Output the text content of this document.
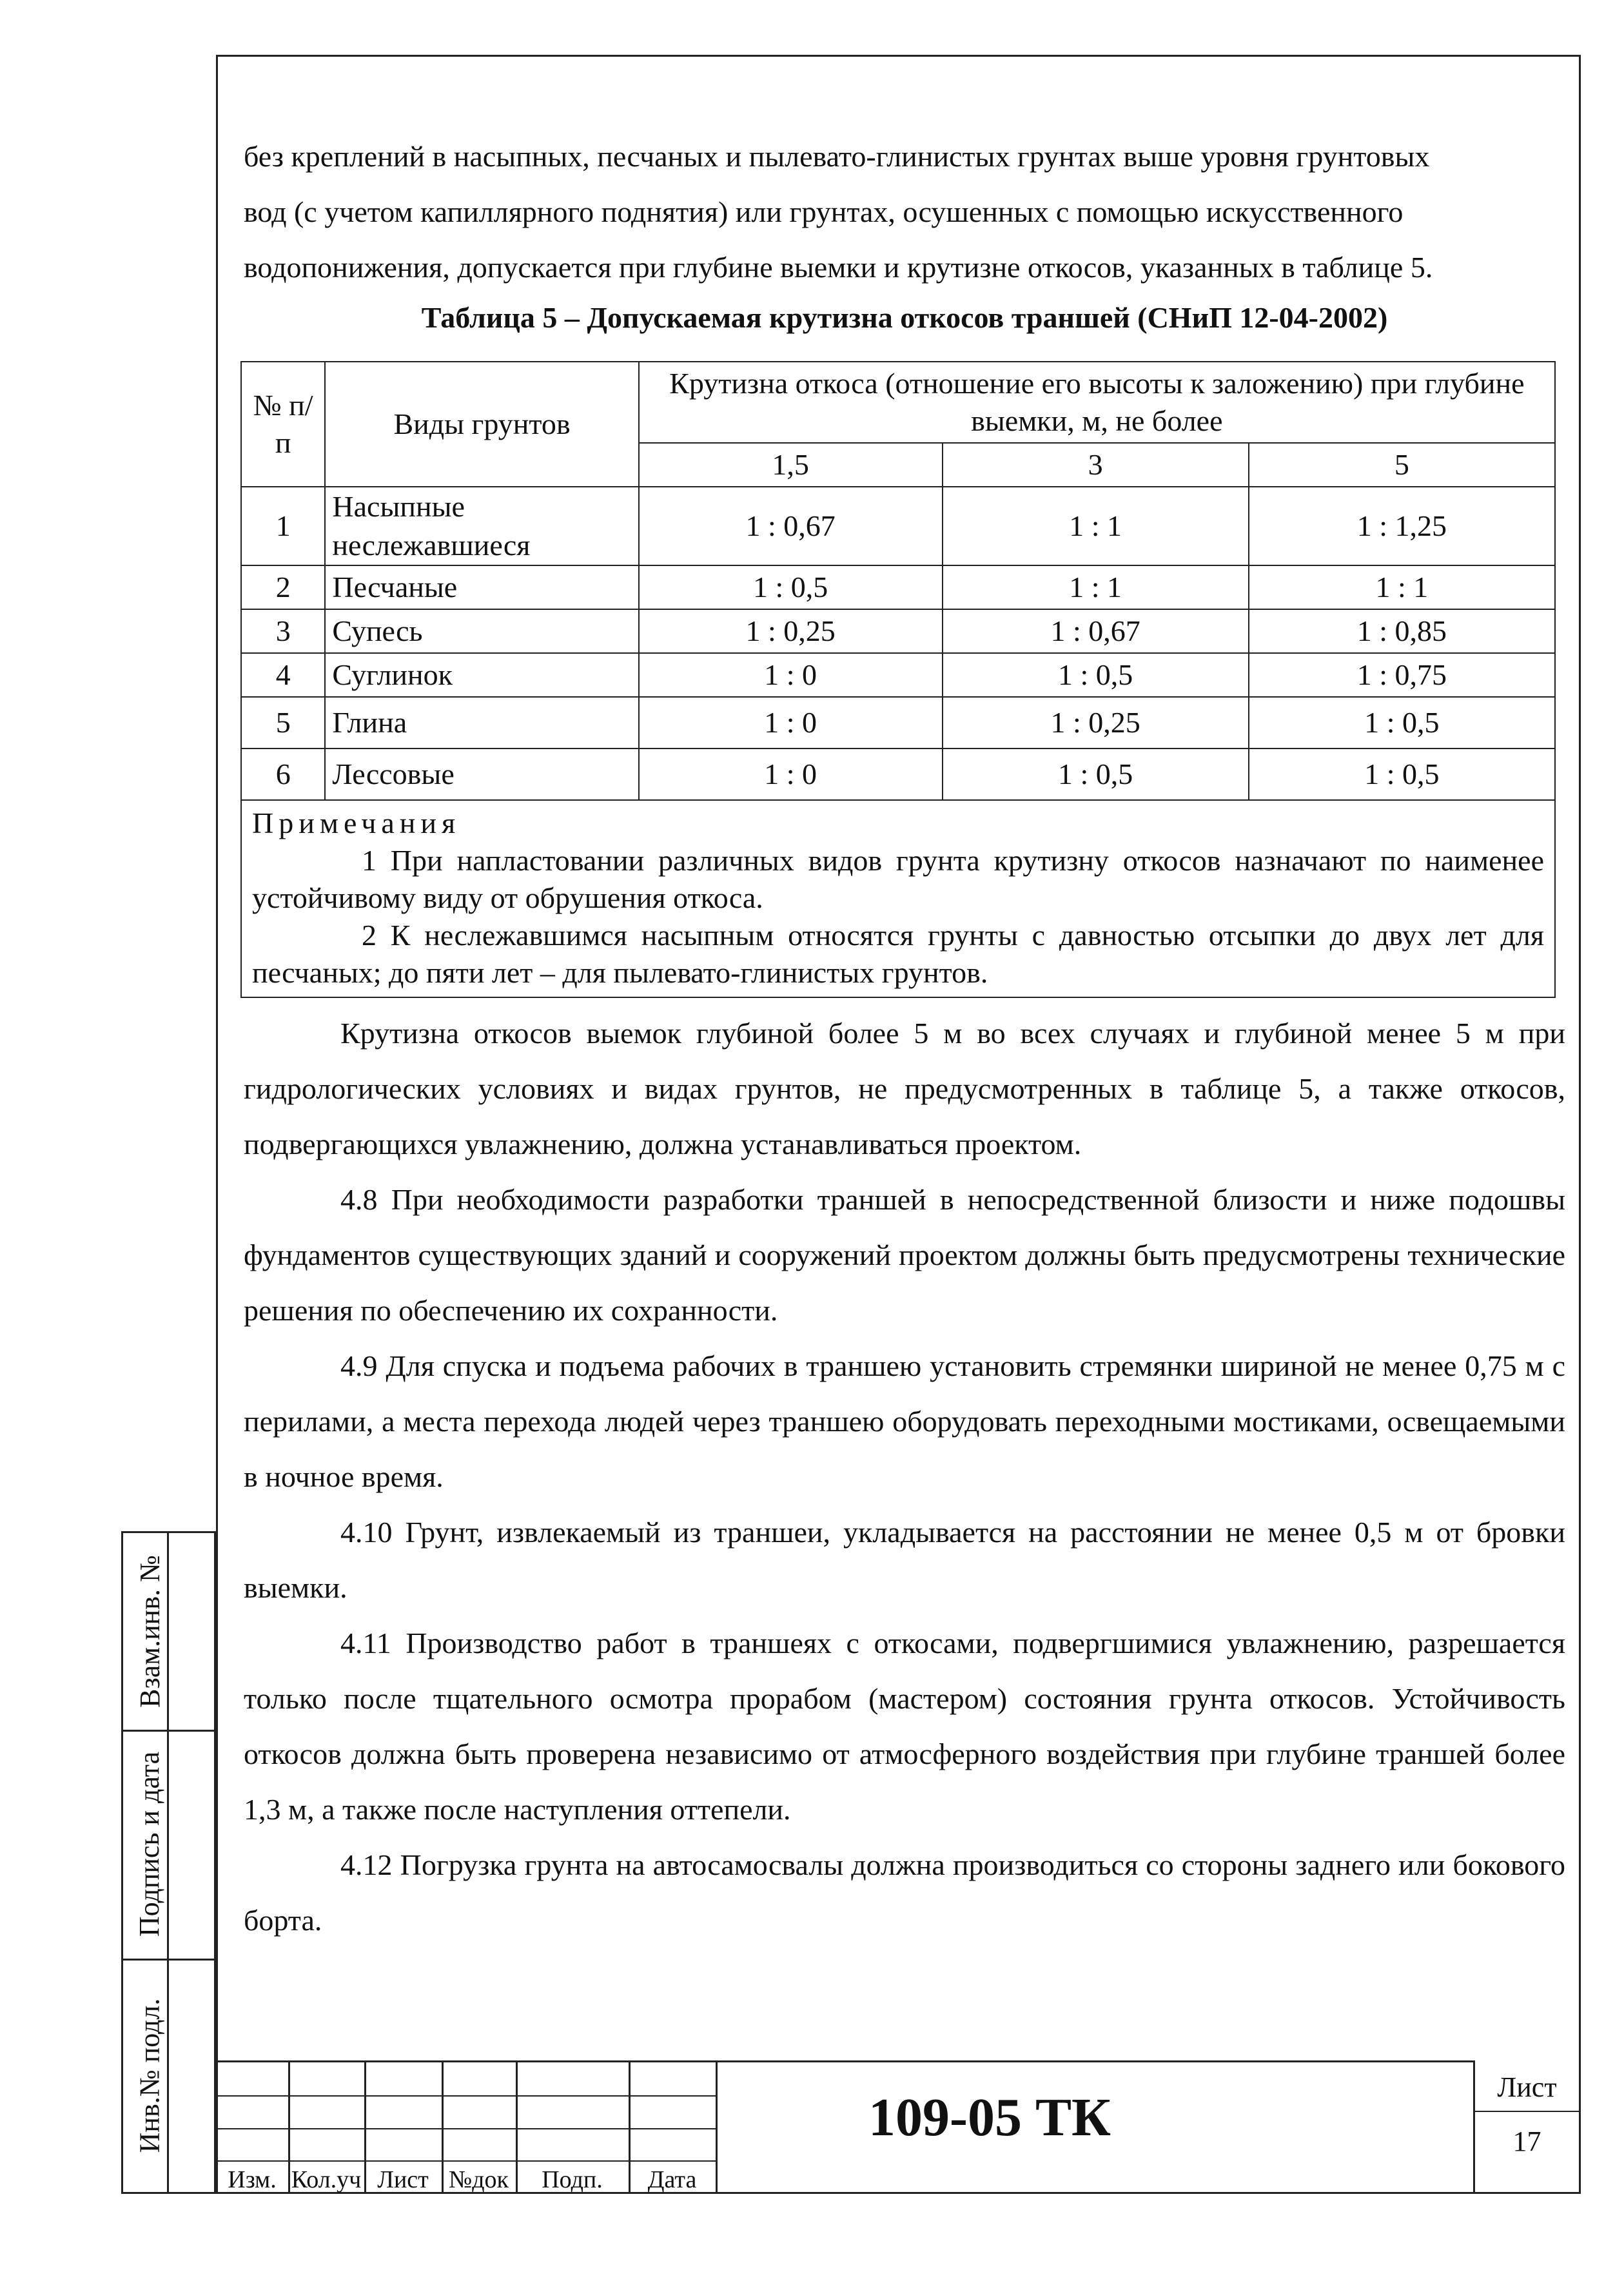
без креплений в насыпных, песчаных и пылевато-глинистых грунтах выше уровня грунтовых

вод (с учетом капиллярного поднятия) или грунтах, осушенных с помощью искусственного

водопонижения, допускается при глубине выемки и крутизне откосов, указанных в таблице 5.

Таблица 5 – Допускаемая крутизна откосов траншей (СНиП 12-04-2002)
№ п/п	Виды грунтов	Крутизна откоса (отношение его высоты к заложению) при глубине выемки, м, не более		
		1,5	3	5
1	Насыпные неслежавшиеся	1 : 0,67	1 : 1	1 : 1,25
2	Песчаные	1 : 0,5	1 : 1	1 : 1
3	Супесь	1 : 0,25	1 : 0,67	1 : 0,85
4	Суглинок	1 : 0	1 : 0,5	1 : 0,75
5	Глина	1 : 0	1 : 0,25	1 : 0,5
6	Лессовые	1 : 0	1 : 0,5	1 : 0,5

Примечания
1 При напластовании различных видов грунта крутизну откосов назначают по наименее устойчивому виду от обрушения откоса.
2 К неслежавшимся насыпным относятся грунты с давностью отсыпки до двух лет для песчаных; до пяти лет – для пылевато-глинистых грунтов.				

Крутизна откосов выемок глубиной более 5 м во всех случаях и глубиной менее 5 м при гидрологических условиях и видах грунтов, не предусмотренных в таблице 5, а также откосов, подвергающихся увлажнению, должна устанавливаться проектом.

4.8 При необходимости разработки траншей в непосредственной близости и ниже подошвы фундаментов существующих зданий и сооружений проектом должны быть предусмотрены технические решения по обеспечению их сохранности.

4.9 Для спуска и подъема рабочих в траншею установить стремянки шириной не менее 0,75 м с перилами, а места перехода людей через траншею оборудовать переходными мостиками, освещаемыми в ночное время.

4.10 Грунт, извлекаемый из траншеи, укладывается на расстоянии не менее 0,5 м от бровки выемки.

4.11 Производство работ в траншеях с откосами, подвергшимися увлажнению, разрешается только после тщательного осмотра прорабом (мастером) состояния грунта откосов. Устойчивость откосов должна быть проверена независимо от атмосферного воздействия при глубине траншей более 1,3 м, а также после наступления оттепели.

4.12 Погрузка грунта на автосамосвалы должна производиться со стороны заднего или бокового борта.

Взам.инв. №
Подпись и дата
Инв.№ подл.
Изм. Кол.уч Лист №док	Подп.	Дата
109-05 ТК
Лист
17
